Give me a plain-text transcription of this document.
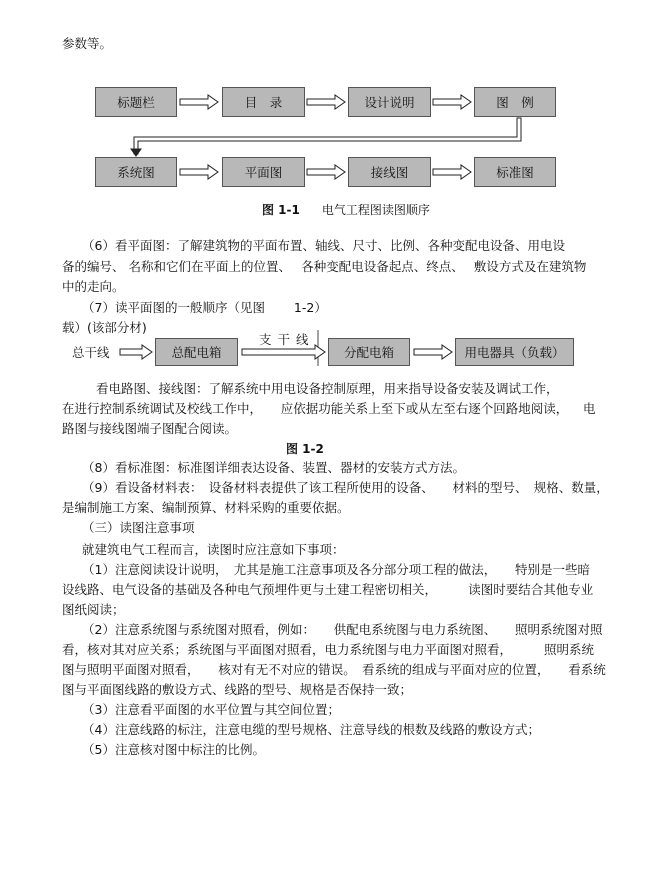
参数等。
标题栏	目　录	设计说明	图　例
系统图	平面图	接线图	标准图
图 1-1 电气工程图读图顺序
（6）看平面图：了解建筑物的平面布置、轴线、尺寸、比例、各种变配电设备、用电设
备的编号、 名称和它们在平面上的位置、　 各种变配电设备起点、终点、　 敷设方式及在建筑物
中的走向。
（7）读平面图的一般顺序（见图　　 1-2）
载）(该部分材)
总干线
支 干 线
总配电箱	分配电箱	用电器具（负载）
看电路图、接线图：了解系统中用电设备控制原理，用来指导设备安装及调试工作，
在进行控制系统调试及校线工作中，　　应依据功能关系上至下或从左至右逐个回路地阅读， 电
路图与接线图端子图配合阅读。
图 1-2
（8）看标准图：标准图详细表达设备、装置、器材的安装方式方法。
（9）看设备材料表：　设备材料表提供了该工程所使用的设备、　　材料的型号、　规格、数量，
是编制施工方案、编制预算、材料采购的重要依据。
（三）读图注意事项
就建筑电气工程而言，读图时应注意如下事项：
（1）注意阅读设计说明，　尤其是施工注意事项及各分部分项工程的做法，　　特别是一些暗
设线路、电气设备的基础及各种电气预埋件更与土建工程密切相关，　　　读图时要结合其他专业
图纸阅读；
（2）注意系统图与系统图对照看，例如：　　供配电系统图与电力系统图、　　照明系统图对照
看，核对其对应关系；系统图与平面图对照看，电力系统图与电力平面图对照看，	照明系统
图与照明平面图对照看，　　核对有无不对应的错误。　看系统的组成与平面对应的位置，　　看系统
图与平面图线路的敷设方式、线路的型号、规格是否保持一致；
（3）注意看平面图的水平位置与其空间位置；
（4）注意线路的标注，注意电缆的型号规格、注意导线的根数及线路的敷设方式；
（5）注意核对图中标注的比例。
